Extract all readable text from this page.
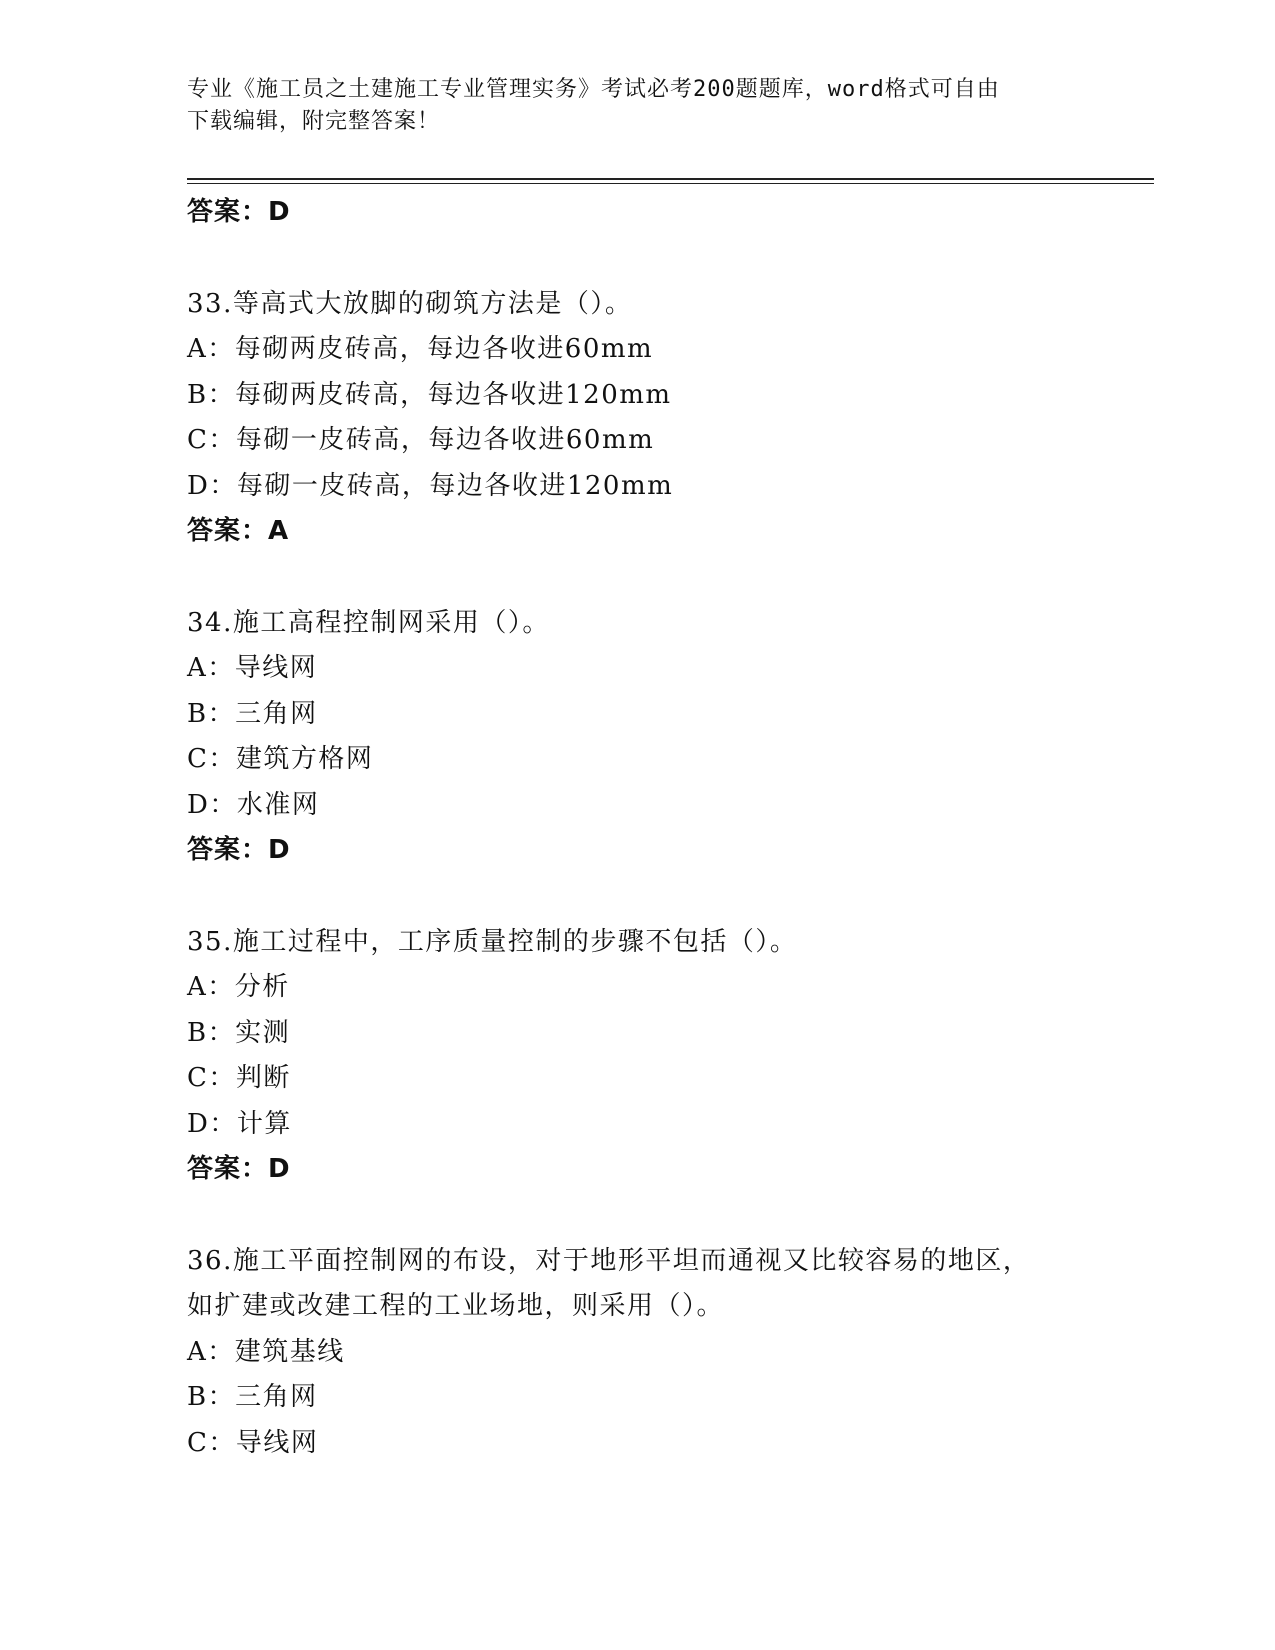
专业《施工员之土建施工专业管理实务》考试必考200题题库，word格式可自由
下载编辑，附完整答案！
答案：D
33.等高式大放脚的砌筑方法是（）。
A：每砌两皮砖高，每边各收进60mm
B：每砌两皮砖高，每边各收进120mm
C：每砌一皮砖高，每边各收进60mm
D：每砌一皮砖高，每边各收进120mm
答案：A
34.施工高程控制网采用（）。
A：导线网
B：三角网
C：建筑方格网
D：水准网
答案：D
35.施工过程中，工序质量控制的步骤不包括（）。
A：分析
B：实测
C：判断
D：计算
答案：D
36.施工平面控制网的布设，对于地形平坦而通视又比较容易的地区，
如扩建或改建工程的工业场地，则采用（）。
A：建筑基线
B：三角网
C：导线网
